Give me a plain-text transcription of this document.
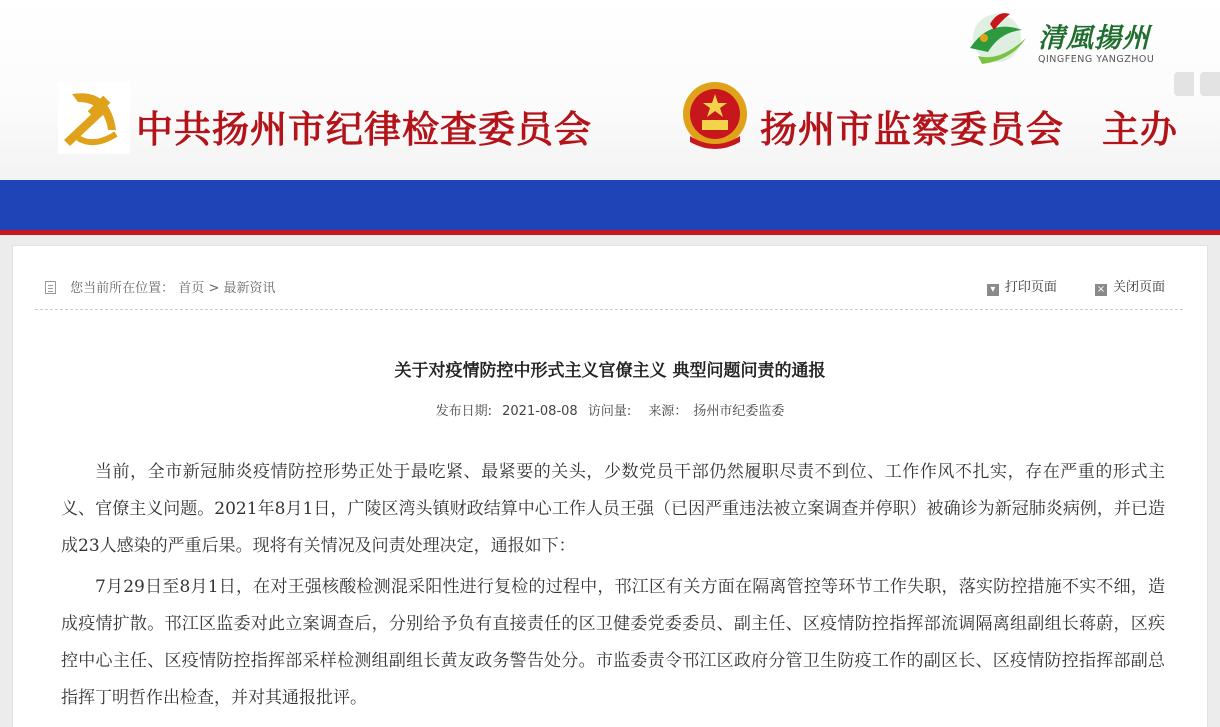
清風揚州
QINGFENG YANGZHOU
中共扬州市纪律检查委员会	扬州市监察委员会　主办
您当前所在位置： 首页 > 最新资讯	▾ 打印页面	× 关闭页面
关于对疫情防控中形式主义官僚主义 典型问题问责的通报
发布日期: 2021-08-08 访问量: 来源： 扬州市纪委监委

当前，全市新冠肺炎疫情防控形势正处于最吃紧、最紧要的关头，少数党员干部仍然履职尽责不到位、工作作风不扎实，存在严重的形式主义、官僚主义问题。2021年8月1日，广陵区湾头镇财政结算中心工作人员王强（已因严重违法被立案调查并停职）被确诊为新冠肺炎病例，并已造成23人感染的严重后果。现将有关情况及问责处理决定，通报如下：

7月29日至8月1日，在对王强核酸检测混采阳性进行复检的过程中，邗江区有关方面在隔离管控等环节工作失职，落实防控措施不实不细，造成疫情扩散。邗江区监委对此立案调查后，分别给予负有直接责任的区卫健委党委委员、副主任、区疫情防控指挥部流调隔离组副组长蒋蔚，区疾控中心主任、区疫情防控指挥部采样检测组副组长黄友政务警告处分。市监委责令邗江区政府分管卫生防疫工作的副区长、区疫情防控指挥部副总指挥丁明哲作出检查，并对其通报批评。
